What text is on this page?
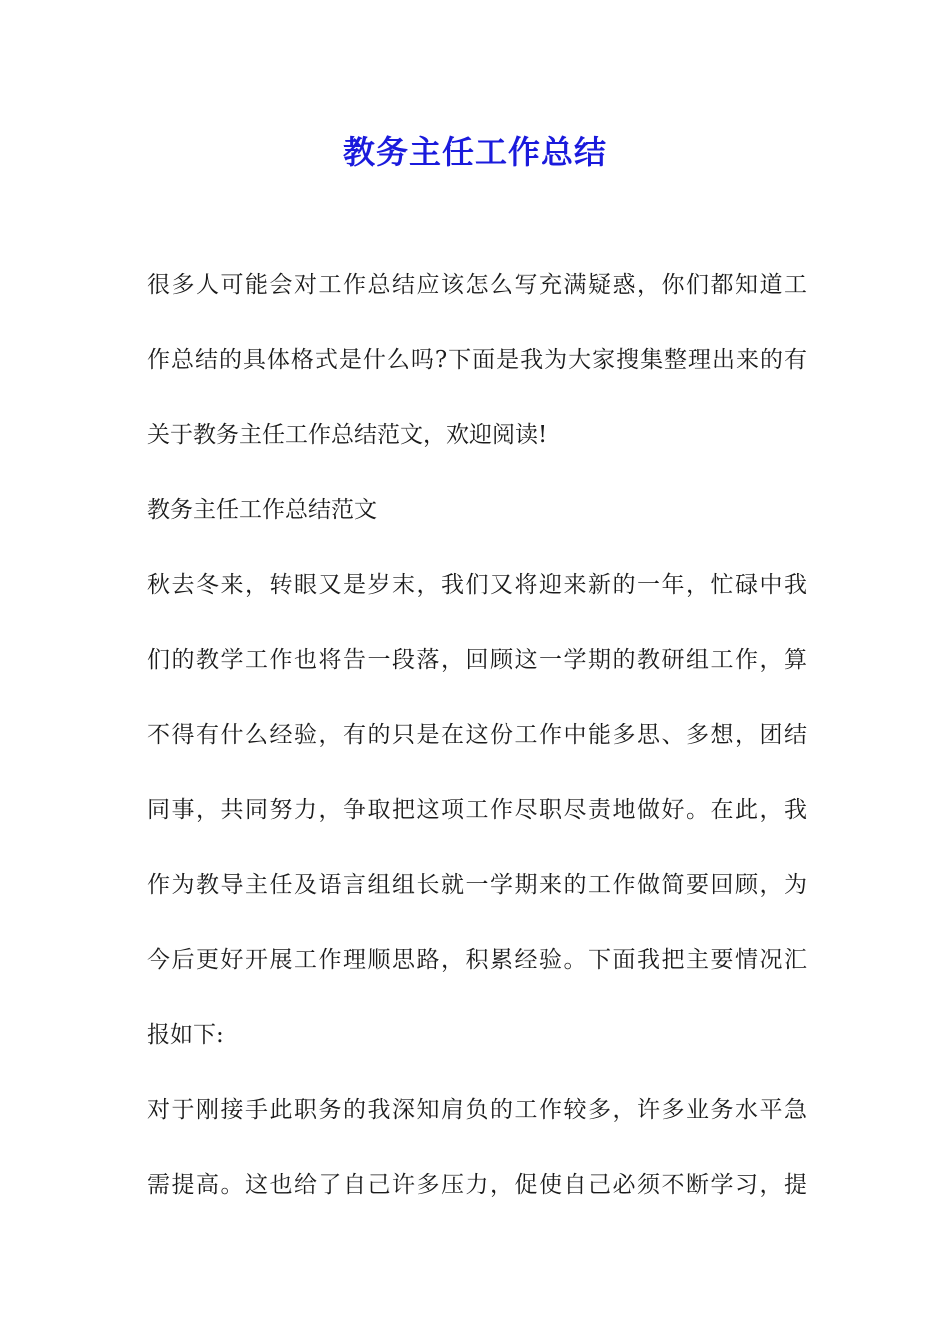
教务主任工作总结
很多人可能会对工作总结应该怎么写充满疑惑，你们都知道工
作总结的具体格式是什么吗?下面是我为大家搜集整理出来的有
关于教务主任工作总结范文，欢迎阅读!
教务主任工作总结范文
秋去冬来，转眼又是岁末，我们又将迎来新的一年，忙碌中我
们的教学工作也将告一段落，回顾这一学期的教研组工作，算
不得有什么经验，有的只是在这份工作中能多思、多想，团结
同事，共同努力，争取把这项工作尽职尽责地做好。在此，我
作为教导主任及语言组组长就一学期来的工作做简要回顾，为
今后更好开展工作理顺思路，积累经验。下面我把主要情况汇
报如下:
对于刚接手此职务的我深知肩负的工作较多，许多业务水平急
需提高。这也给了自己许多压力，促使自己必须不断学习，提
